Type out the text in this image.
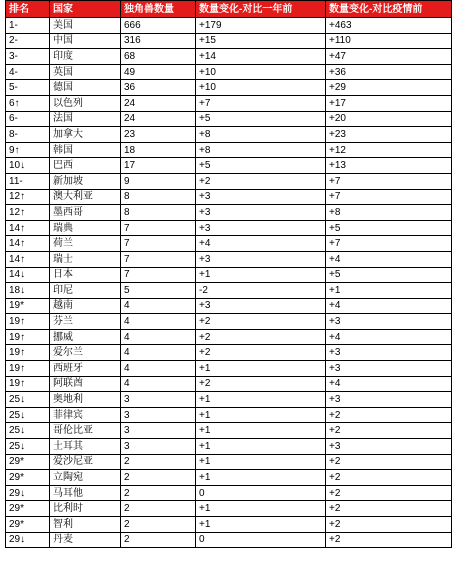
排名	国家	独角兽数量	数量变化-对比一年前	数量变化-对比疫情前
1-	美国	666	+179	+463
2-	中国	316	+15	+110
3-	印度	68	+14	+47
4-	英国	49	+10	+36
5-	德国	36	+10	+29
6↑	以色列	24	+7	+17
6-	法国	24	+5	+20
8-	加拿大	23	+8	+23
9↑	韩国	18	+8	+12
10↓	巴西	17	+5	+13
11-	新加坡	9	+2	+7
12↑	澳大利亚	8	+3	+7
12↑	墨西哥	8	+3	+8
14↑	瑞典	7	+3	+5
14↑	荷兰	7	+4	+7
14↑	瑞士	7	+3	+4
14↓	日本	7	+1	+5
18↓	印尼	5	-2	+1
19*	越南	4	+3	+4
19↑	芬兰	4	+2	+3
19↑	挪威	4	+2	+4
19↑	爱尔兰	4	+2	+3
19↑	西班牙	4	+1	+3
19↑	阿联酋	4	+2	+4
25↓	奥地利	3	+1	+3
25↓	菲律宾	3	+1	+2
25↓	哥伦比亚	3	+1	+2
25↓	土耳其	3	+1	+3
29*	爱沙尼亚	2	+1	+2
29*	立陶宛	2	+1	+2
29↓	马耳他	2	0	+2
29*	比利时	2	+1	+2
29*	智利	2	+1	+2
29↓	丹麦	2	0	+2
